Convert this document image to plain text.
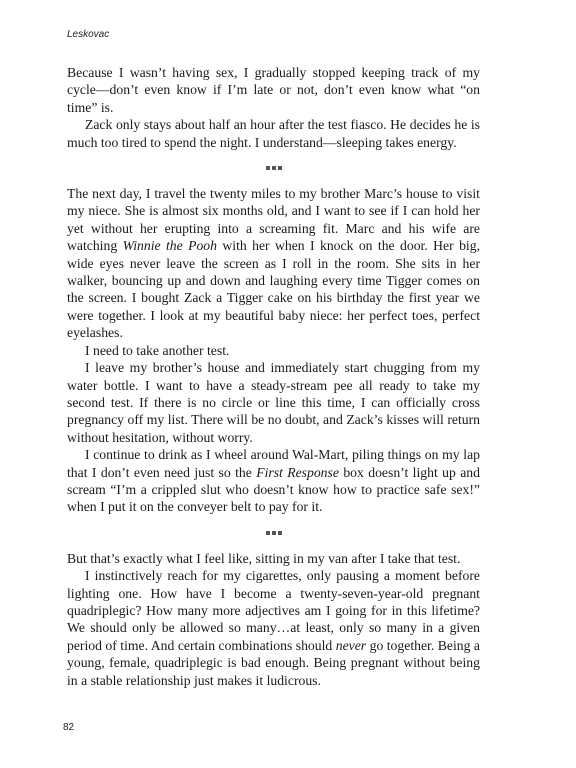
Leskovac

Because I wasn’t having sex, I gradually stopped keeping track of my cycle—don’t even know if I’m late or not, don’t even know what “on time” is.

Zack only stays about half an hour after the test fiasco. He decides he is much too tired to spend the night. I understand—sleeping takes energy.

The next day, I travel the twenty miles to my brother Marc’s house to visit my niece. She is almost six months old, and I want to see if I can hold her yet without her erupting into a screaming fit. Marc and his wife are watching Winnie the Pooh with her when I knock on the door. Her big, wide eyes never leave the screen as I roll in the room. She sits in her walker, bouncing up and down and laughing every time Tigger comes on the screen. I bought Zack a Tigger cake on his birthday the first year we were together. I look at my beautiful baby niece: her perfect toes, perfect eyelashes.

I need to take another test.

I leave my brother’s house and immediately start chugging from my water bottle. I want to have a steady-stream pee all ready to take my second test. If there is no circle or line this time, I can officially cross pregnancy off my list. There will be no doubt, and Zack’s kisses will return without hesitation, without worry.

I continue to drink as I wheel around Wal-Mart, piling things on my lap that I don’t even need just so the First Response box doesn’t light up and scream “I’m a crippled slut who doesn’t know how to practice safe sex!” when I put it on the conveyer belt to pay for it.

But that’s exactly what I feel like, sitting in my van after I take that test.

I instinctively reach for my cigarettes, only pausing a moment before lighting one. How have I become a twenty-seven-year-old pregnant quadriplegic? How many more adjectives am I going for in this lifetime? We should only be allowed so many…at least, only so many in a given period of time. And certain combinations should never go together. Being a young, female, quadriplegic is bad enough. Being pregnant without being in a stable relationship just makes it ludicrous.

82
